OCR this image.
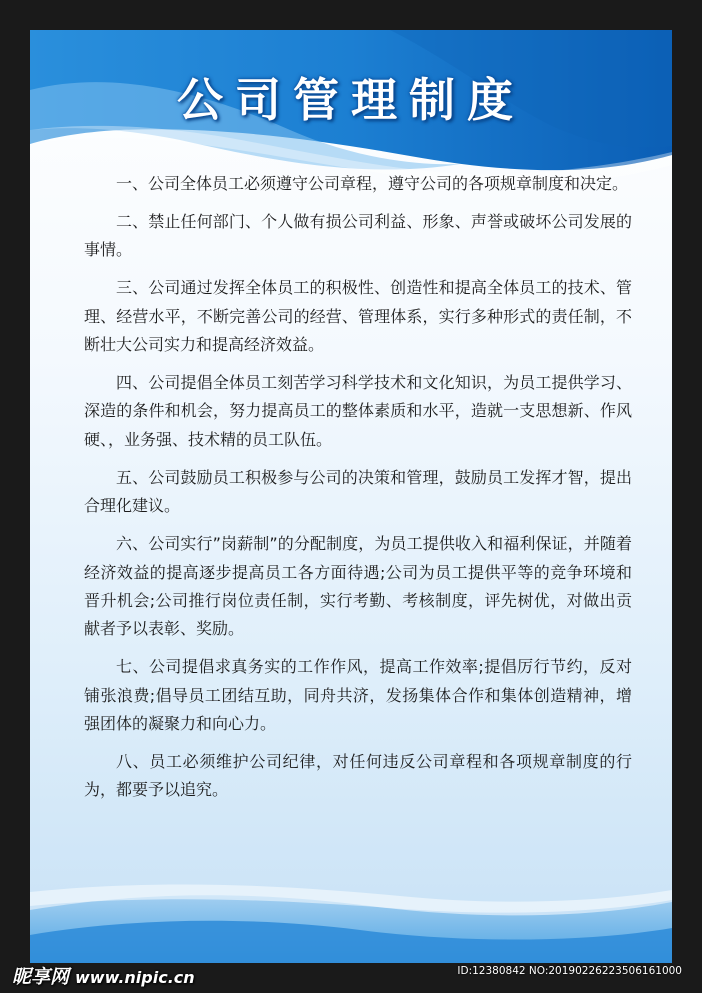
公司管理制度

一、公司全体员工必须遵守公司章程，遵守公司的各项规章制度和决定。

二、禁止任何部门、个人做有损公司利益、形象、声誉或破坏公司发展的事情。

三、公司通过发挥全体员工的积极性、创造性和提高全体员工的技术、管理、经营水平，不断完善公司的经营、管理体系，实行多种形式的责任制，不断壮大公司实力和提高经济效益。

四、公司提倡全体员工刻苦学习科学技术和文化知识，为员工提供学习、深造的条件和机会，努力提高员工的整体素质和水平，造就一支思想新、作风硬、，业务强、技术精的员工队伍。

五、公司鼓励员工积极参与公司的决策和管理，鼓励员工发挥才智，提出合理化建议。

六、公司实行”岗薪制”的分配制度，为员工提供收入和福利保证，并随着经济效益的提高逐步提高员工各方面待遇;公司为员工提供平等的竞争环境和晋升机会;公司推行岗位责任制，实行考勤、考核制度，评先树优，对做出贡献者予以表彰、奖励。

七、公司提倡求真务实的工作作风，提高工作效率;提倡厉行节约，反对铺张浪费;倡导员工团结互助，同舟共济，发扬集体合作和集体创造精神，增强团体的凝聚力和向心力。

八、员工必须维护公司纪律，对任何违反公司章程和各项规章制度的行为，都要予以追究。

昵享网 www.nipic.cn	ID:12380842 NO:20190226223506161000
